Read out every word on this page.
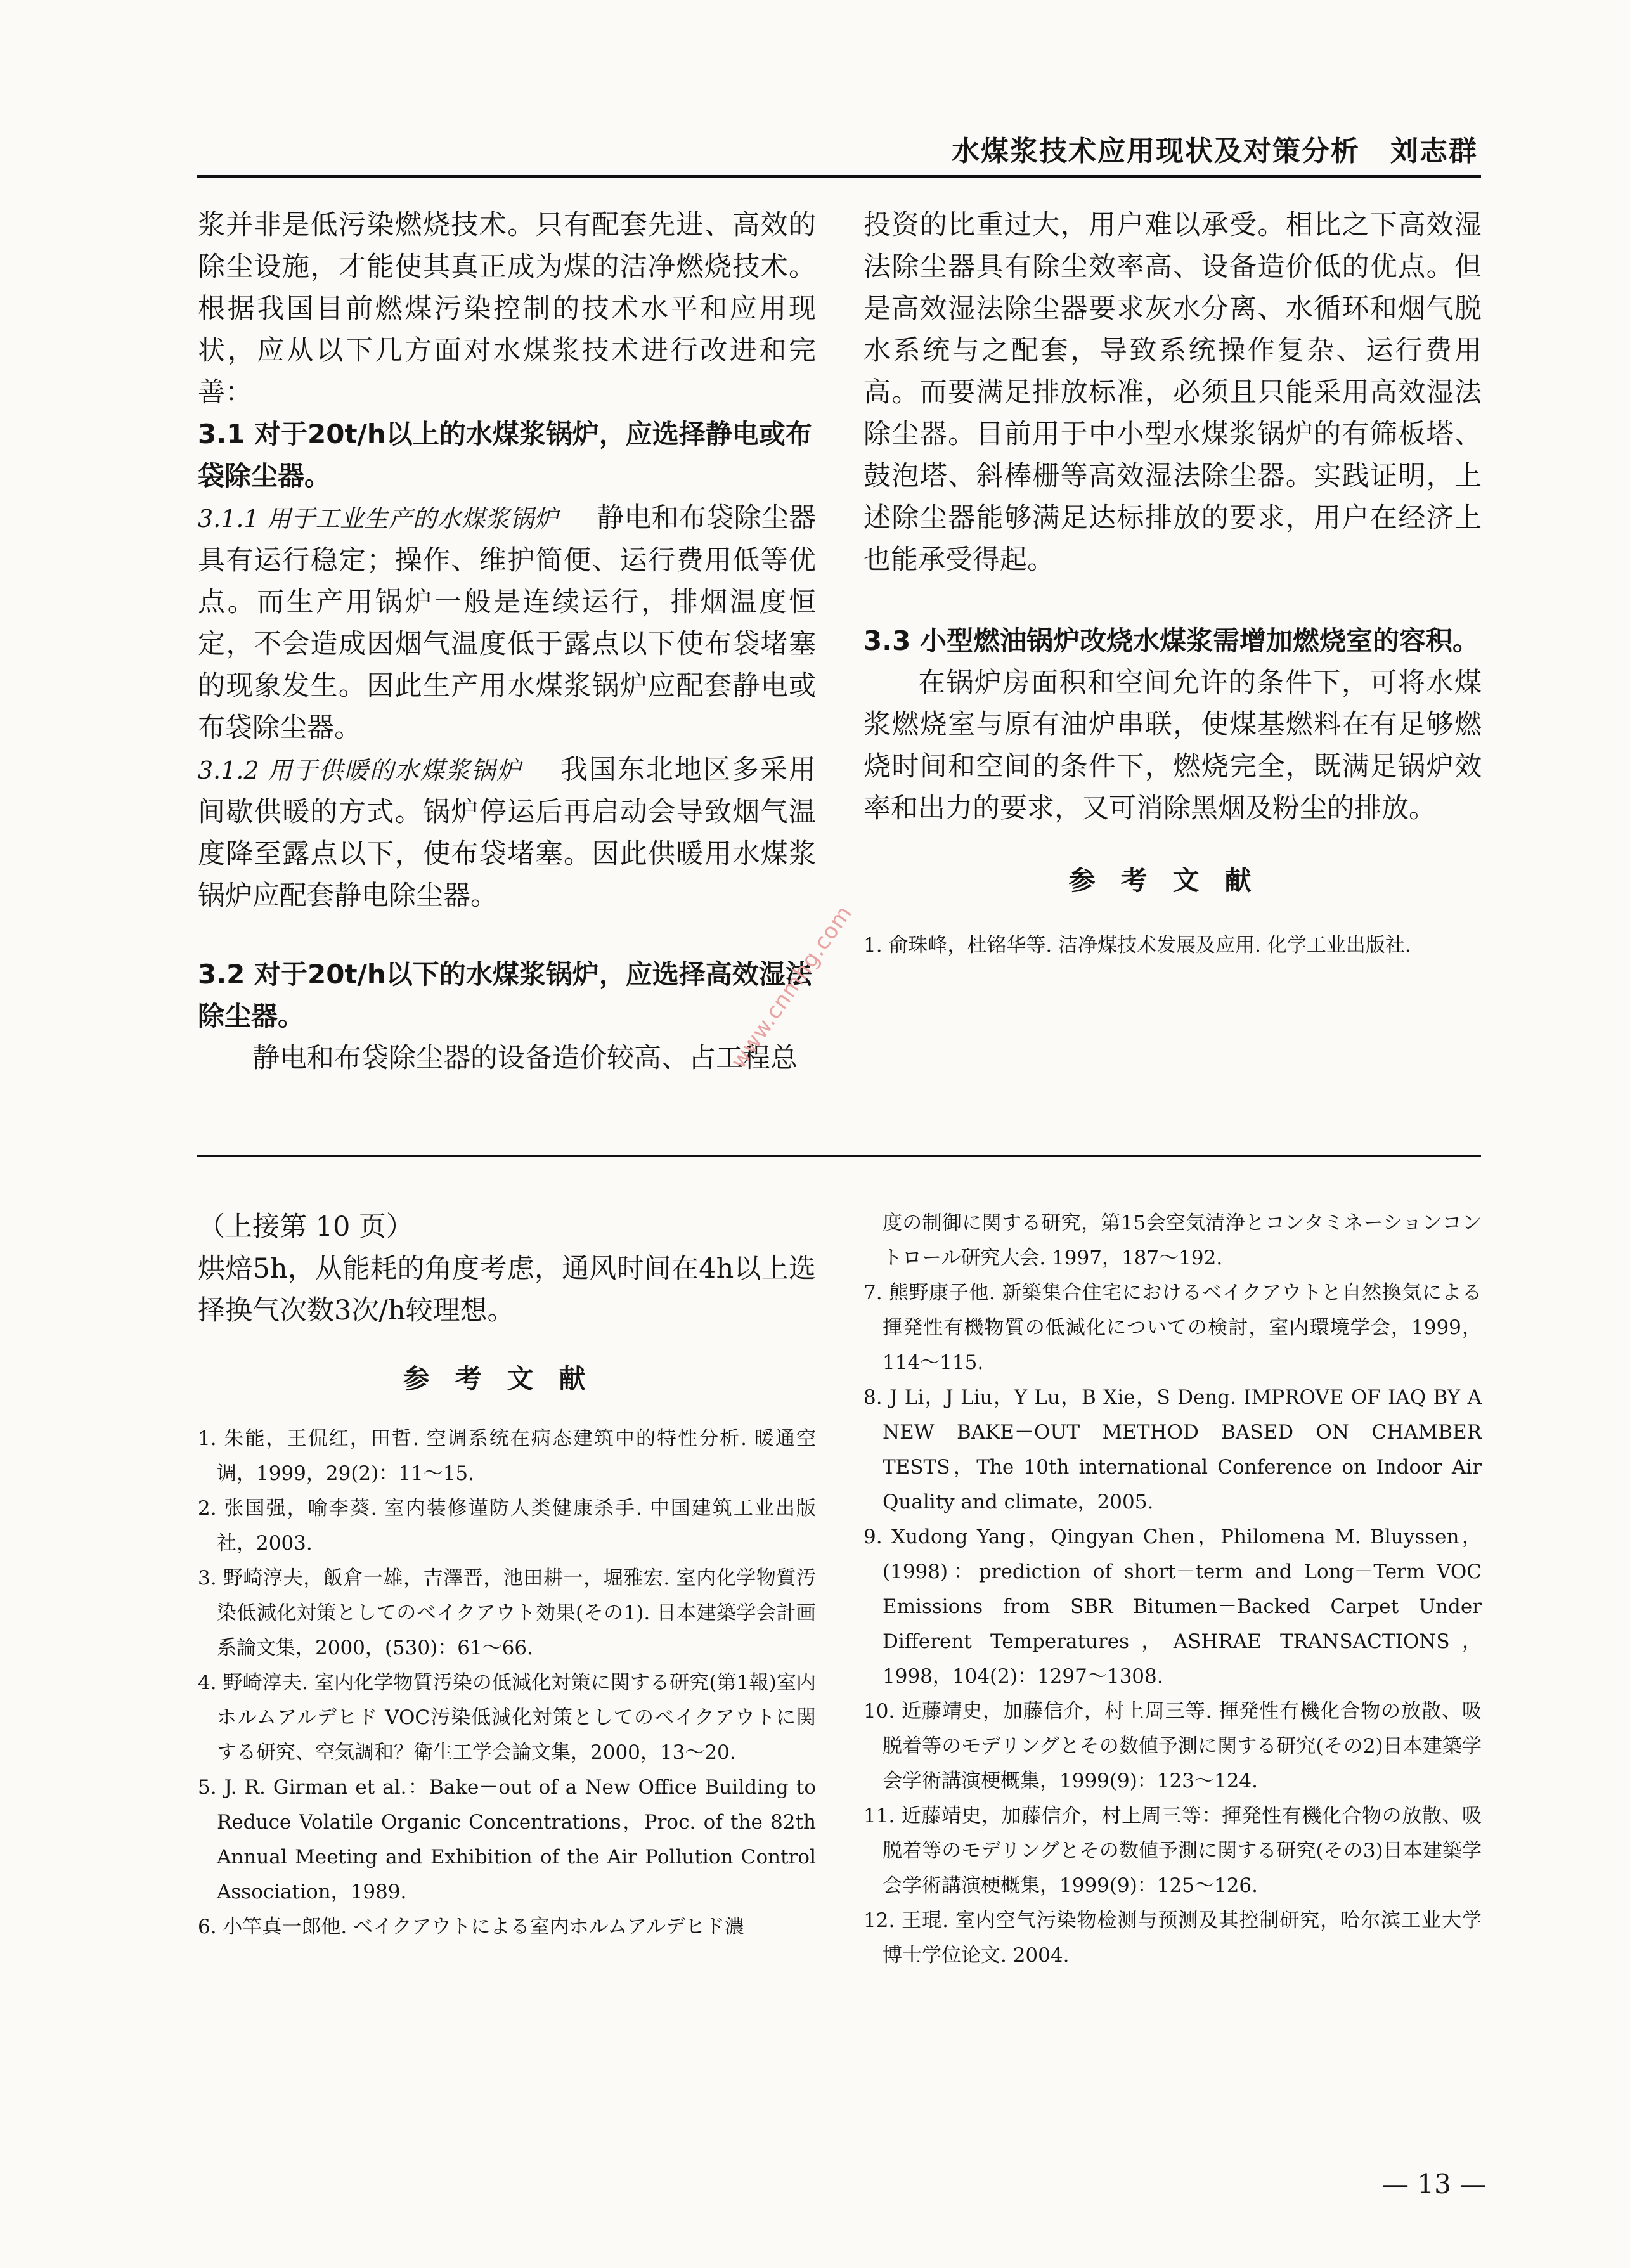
水煤浆技术应用现状及对策分析 刘志群

浆并非是低污染燃烧技术。只有配套先进、高效的除尘设施，才能使其真正成为煤的洁净燃烧技术。根据我国目前燃煤污染控制的技术水平和应用现状，应从以下几方面对水煤浆技术进行改进和完善：

3.1 对于20t/h以上的水煤浆锅炉，应选择静电或布袋除尘器。

3.1.1 用于工业生产的水煤浆锅炉 静电和布袋除尘器具有运行稳定；操作、维护简便、运行费用低等优点。而生产用锅炉一般是连续运行，排烟温度恒定，不会造成因烟气温度低于露点以下使布袋堵塞的现象发生。因此生产用水煤浆锅炉应配套静电或布袋除尘器。

3.1.2 用于供暖的水煤浆锅炉 我国东北地区多采用间歇供暖的方式。锅炉停运后再启动会导致烟气温度降至露点以下，使布袋堵塞。因此供暖用水煤浆锅炉应配套静电除尘器。

3.2 对于20t/h以下的水煤浆锅炉，应选择高效湿法除尘器。

静电和布袋除尘器的设备造价较高、占工程总

投资的比重过大，用户难以承受。相比之下高效湿法除尘器具有除尘效率高、设备造价低的优点。但是高效湿法除尘器要求灰水分离、水循环和烟气脱水系统与之配套，导致系统操作复杂、运行费用高。而要满足排放标准，必须且只能采用高效湿法除尘器。目前用于中小型水煤浆锅炉的有筛板塔、鼓泡塔、斜棒栅等高效湿法除尘器。实践证明，上述除尘器能够满足达标排放的要求，用户在经济上也能承受得起。

3.3 小型燃油锅炉改烧水煤浆需增加燃烧室的容积。

在锅炉房面积和空间允许的条件下，可将水煤浆燃烧室与原有油炉串联，使煤基燃料在有足够燃烧时间和空间的条件下，燃烧完全，既满足锅炉效率和出力的要求，又可消除黑烟及粉尘的排放。

参考文献

1. 俞珠峰，杜铭华等. 洁净煤技术发展及应用. 化学工业出版社.
www.cnmhg.com

（上接第 10 页）

烘焙5h，从能耗的角度考虑，通风时间在4h以上选择换气次数3次/h较理想。

参考文献

1. 朱能，王侃红，田哲. 空调系统在病态建筑中的特性分析. 暖通空调，1999，29(2)：11～15.
2. 张国强，喻李葵. 室内装修谨防人类健康杀手. 中国建筑工业出版社，2003.
3. 野崎淳夫，飯倉一雄，吉澤晋，池田耕一，堀雅宏. 室内化学物質汚染低減化対策としてのベイクアウト効果(その1). 日本建築学会計画系論文集，2000，(530)：61～66.
4. 野崎淳夫. 室内化学物質汚染の低減化対策に関する研究(第1報)室内ホルムアルデヒド VOC汚染低減化対策としてのベイクアウトに関する研究、空気調和？衛生工学会論文集，2000，13～20.
5. J. R. Girman et al.：Bake－out of a New Office Building to Reduce Volatile Organic Concentrations，Proc. of the 82th Annual Meeting and Exhibition of the Air Pollution Control Association，1989.
6. 小竿真一郎他. ベイクアウトによる室内ホルムアルデヒド濃
度の制御に関する研究，第15会空気清浄とコンタミネーションコントロール研究大会. 1997，187～192.
7. 熊野康子他. 新築集合住宅におけるベイクアウトと自然換気による揮発性有機物質の低減化についての検討，室内環境学会，1999，114～115.
8. J Li，J Liu，Y Lu，B Xie，S Deng. IMPROVE OF IAQ BY A NEW BAKE－OUT METHOD BASED ON CHAMBER TESTS，The 10th international Conference on Indoor Air Quality and climate，2005.
9. Xudong Yang，Qingyan Chen，Philomena M. Bluyssen，(1998)：prediction of short－term and Long－Term VOC Emissions from SBR Bitumen－Backed Carpet Under Different Temperatures，ASHRAE TRANSACTIONS，1998，104(2)：1297～1308.
10. 近藤靖史，加藤信介，村上周三等. 揮発性有機化合物の放散、吸脱着等のモデリングとその数値予測に関する研究(その2)日本建築学会学術講演梗概集，1999(9)：123～124.
11. 近藤靖史，加藤信介，村上周三等：揮発性有機化合物の放散、吸脱着等のモデリングとその数値予測に関する研究(その3)日本建築学会学術講演梗概集，1999(9)：125～126.
12. 王琨. 室内空气污染物检测与预测及其控制研究，哈尔滨工业大学博士学位论文. 2004.
— 13 —
